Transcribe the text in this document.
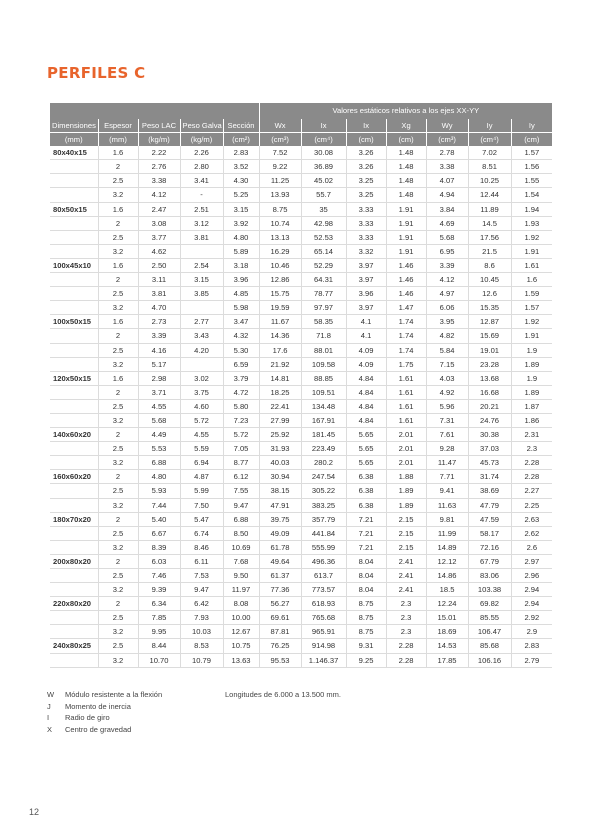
PERFILES C
					Valores estáticos relativos a los ejes XX-YY						
Dimensiones	Espesor	Peso LAC	Peso Galva	Sección	Wx	Ix	Ix	Xg	Wy	Iy	Iy
(mm)	(mm)	(kg/m)	(kg/m)	(cm²)	(cm³)	(cm⁴)	(cm)	(cm)	(cm³)	(cm⁴)	(cm)
80x40x15	1.6	2.22	2.26	2.83	7.52	30.08	3.26	1.48	2.78	7.02	1.57
	2	2.76	2.80	3.52	9.22	36.89	3.26	1.48	3.38	8.51	1.56
	2.5	3.38	3.41	4.30	11.25	45.02	3.25	1.48	4.07	10.25	1.55
	3.2	4.12	-	5.25	13.93	55.7	3.25	1.48	4.94	12.44	1.54
80x50x15	1.6	2.47	2.51	3.15	8.75	35	3.33	1.91	3.84	11.89	1.94
	2	3.08	3.12	3.92	10.74	42.98	3.33	1.91	4.69	14.5	1.93
	2.5	3.77	3.81	4.80	13.13	52.53	3.33	1.91	5.68	17.56	1.92
	3.2	4.62		5.89	16.29	65.14	3.32	1.91	6.95	21.5	1.91
100x45x10	1.6	2.50	2.54	3.18	10.46	52.29	3.97	1.46	3.39	8.6	1.61
	2	3.11	3.15	3.96	12.86	64.31	3.97	1.46	4.12	10.45	1.6
	2.5	3.81	3.85	4.85	15.75	78.77	3.96	1.46	4.97	12.6	1.59
	3.2	4.70		5.98	19.59	97.97	3.97	1.47	6.06	15.35	1.57
100x50x15	1.6	2.73	2.77	3.47	11.67	58.35	4.1	1.74	3.95	12.87	1.92
	2	3.39	3.43	4.32	14.36	71.8	4.1	1.74	4.82	15.69	1.91
	2.5	4.16	4.20	5.30	17.6	88.01	4.09	1.74	5.84	19.01	1.9
	3.2	5.17		6.59	21.92	109.58	4.09	1.75	7.15	23.28	1.89
120x50x15	1.6	2.98	3.02	3.79	14.81	88.85	4.84	1.61	4.03	13.68	1.9
	2	3.71	3.75	4.72	18.25	109.51	4.84	1.61	4.92	16.68	1.89
	2.5	4.55	4.60	5.80	22.41	134.48	4.84	1.61	5.96	20.21	1.87
	3.2	5.68	5.72	7.23	27.99	167.91	4.84	1.61	7.31	24.76	1.86
140x60x20	2	4.49	4.55	5.72	25.92	181.45	5.65	2.01	7.61	30.38	2.31
	2.5	5.53	5.59	7.05	31.93	223.49	5.65	2.01	9.28	37.03	2.3
	3.2	6.88	6.94	8.77	40.03	280.2	5.65	2.01	11.47	45.73	2.28
160x60x20	2	4.80	4.87	6.12	30.94	247.54	6.38	1.88	7.71	31.74	2.28
	2.5	5.93	5.99	7.55	38.15	305.22	6.38	1.89	9.41	38.69	2.27
	3.2	7.44	7.50	9.47	47.91	383.25	6.38	1.89	11.63	47.79	2.25
180x70x20	2	5.40	5.47	6.88	39.75	357.79	7.21	2.15	9.81	47.59	2.63
	2.5	6.67	6.74	8.50	49.09	441.84	7.21	2.15	11.99	58.17	2.62
	3.2	8.39	8.46	10.69	61.78	555.99	7.21	2.15	14.89	72.16	2.6
200x80x20	2	6.03	6.11	7.68	49.64	496.36	8.04	2.41	12.12	67.79	2.97
	2.5	7.46	7.53	9.50	61.37	613.7	8.04	2.41	14.86	83.06	2.96
	3.2	9.39	9.47	11.97	77.36	773.57	8.04	2.41	18.5	103.38	2.94
220x80x20	2	6.34	6.42	8.08	56.27	618.93	8.75	2.3	12.24	69.82	2.94
	2.5	7.85	7.93	10.00	69.61	765.68	8.75	2.3	15.01	85.55	2.92
	3.2	9.95	10.03	12.67	87.81	965.91	8.75	2.3	18.69	106.47	2.9
240x80x25	2.5	8.44	8.53	10.75	76.25	914.98	9.31	2.28	14.53	85.68	2.83
	3.2	10.70	10.79	13.63	95.53	1.146.37	9.25	2.28	17.85	106.16	2.79
W	Módulo resistente a la flexión
J	Momento de inercia
I	Radio de giro
X	Centro de gravedad
Longitudes de 6.000 a 13.500 mm.
12
